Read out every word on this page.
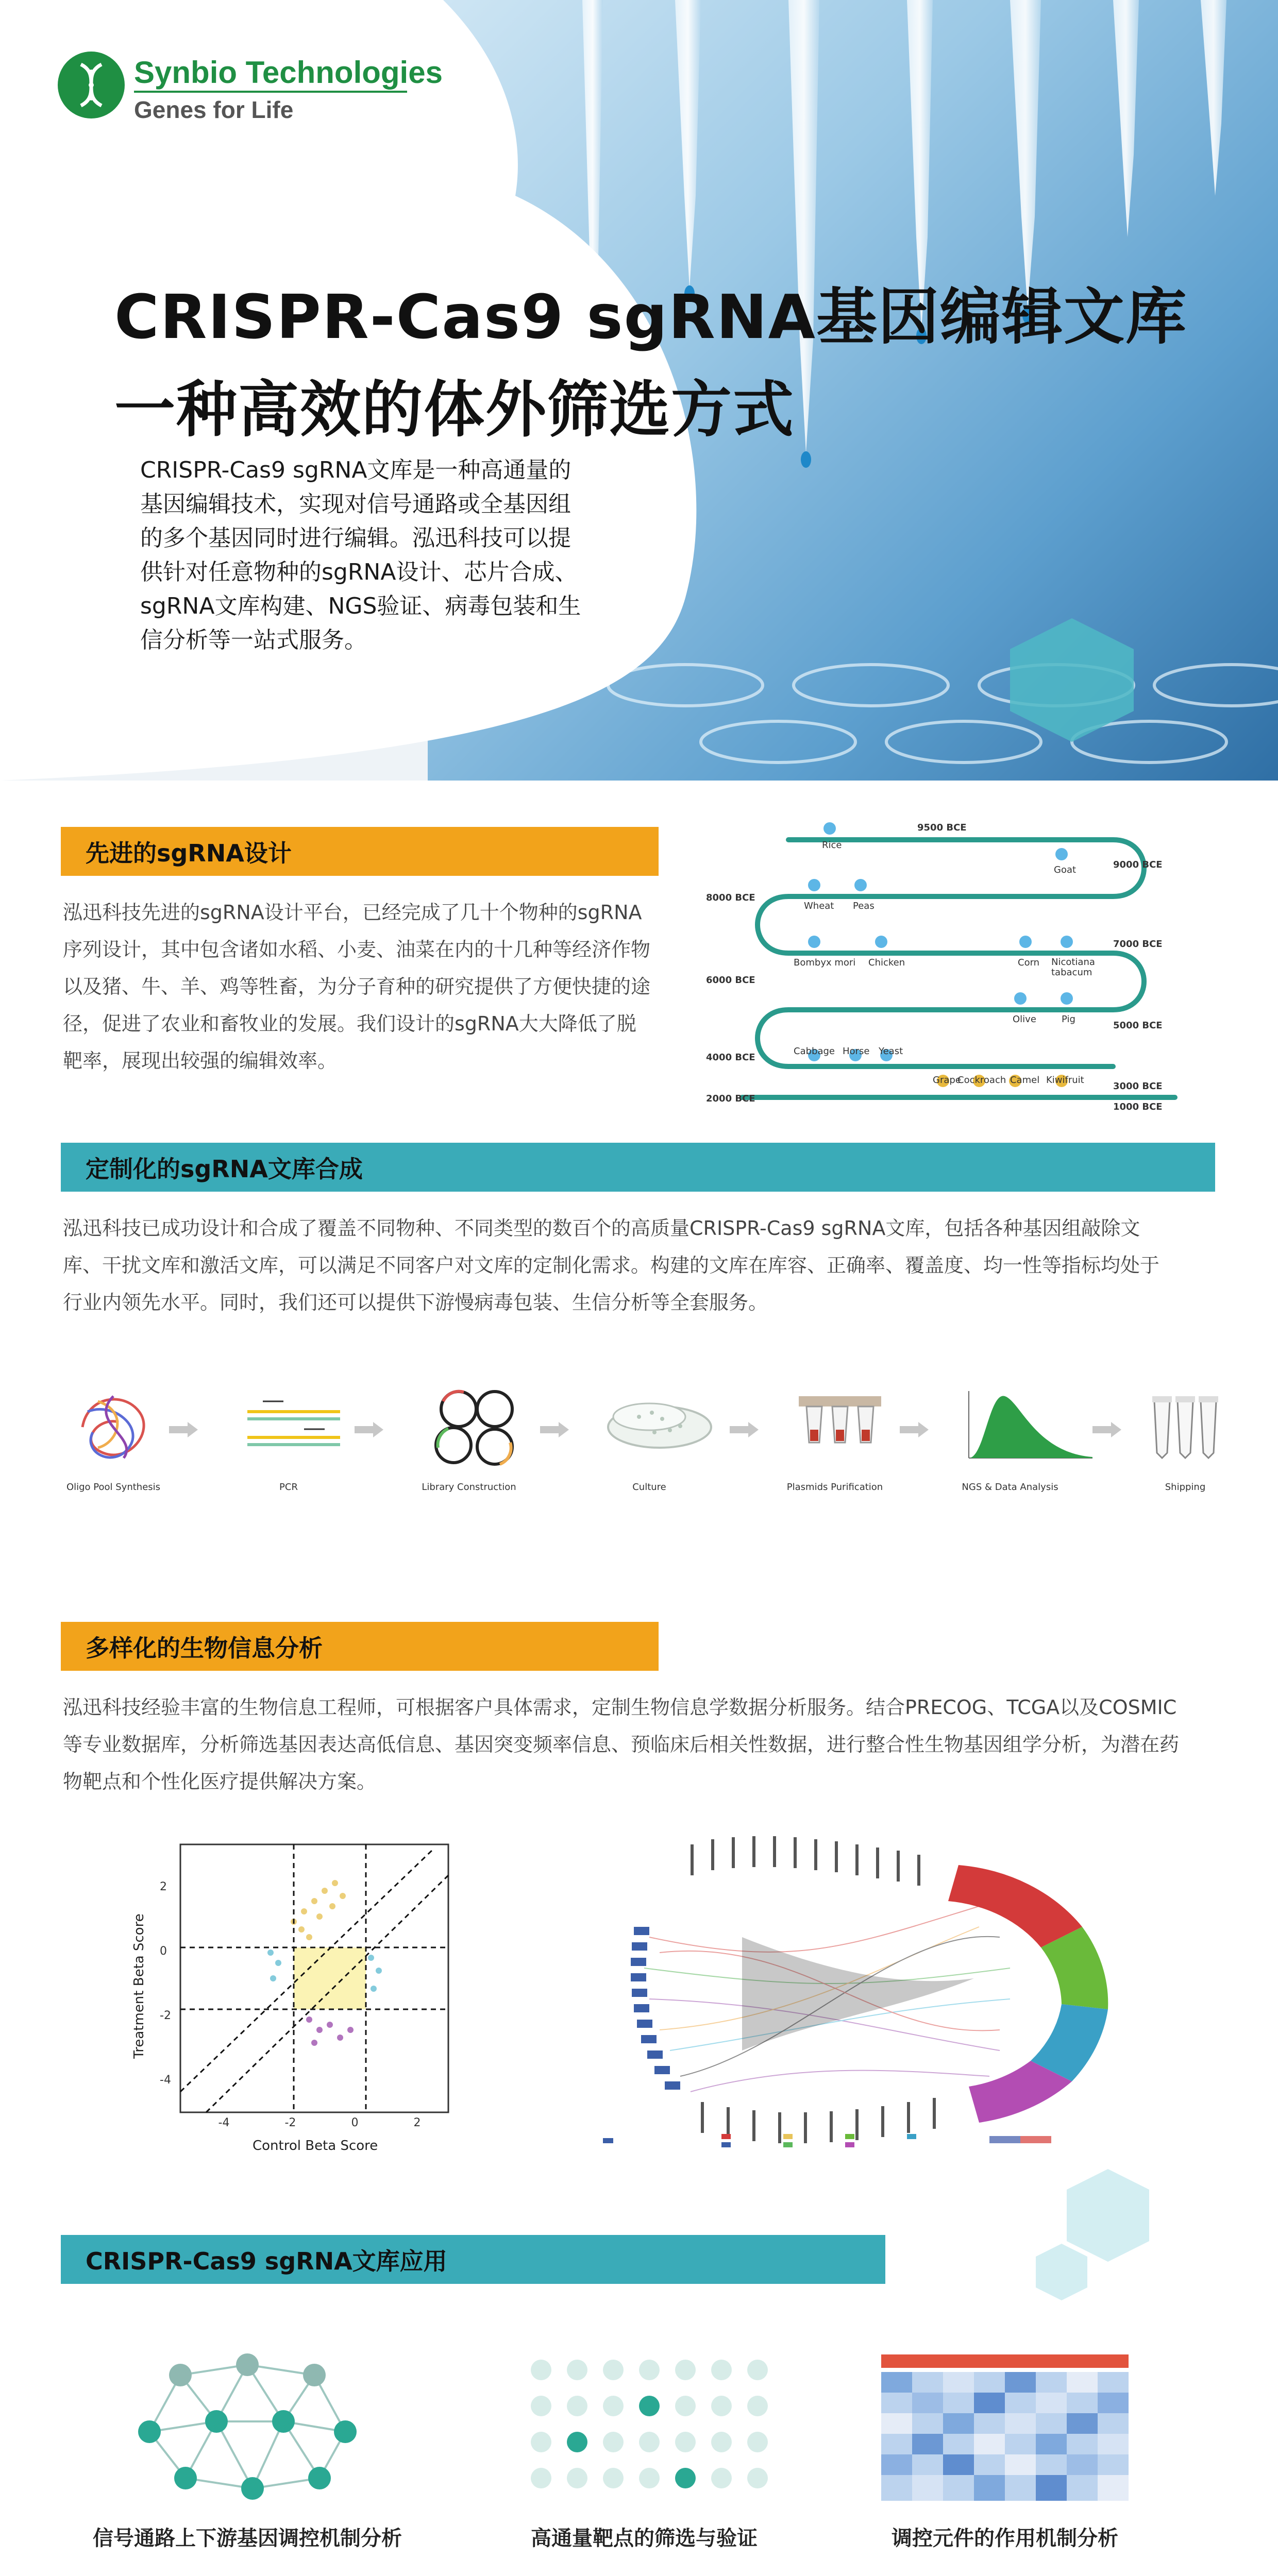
Synbio Technologies
Genes for Life
CRISPR-Cas9 sgRNA基因编辑文库
一种高效的体外筛选方式
CRISPR-Cas9 sgRNA文库是一种高通量的
基因编辑技术，实现对信号通路或全基因组
的多个基因同时进行编辑。泓迅科技可以提
供针对任意物种的sgRNA设计、芯片合成、
sgRNA文库构建、NGS验证、病毒包装和生
信分析等一站式服务。
先进的sgRNA设计
泓迅科技先进的sgRNA设计平台，已经完成了几十个物种的sgRNA
序列设计，其中包含诸如水稻、小麦、油菜在内的十几种等经济作物
以及猪、牛、羊、鸡等牲畜，为分子育种的研究提供了方便快捷的途
径，促进了农业和畜牧业的发展。我们设计的sgRNA大大降低了脱
靶率，展现出较强的编辑效率。
9500 BCE
9000 BCE
8000 BCE
7000 BCE
6000 BCE
5000 BCE
4000 BCE
3000 BCE
2000 BCE
1000 BCE
Rice
Goat
Wheat Peas
Bombyx mori Chicken	Corn Nicotiana tabacum
Olive	Pig
Cabbage Horse Yeast
Grape
Cockroach Camel Kiwifruit
定制化的sgRNA文库合成
泓迅科技已成功设计和合成了覆盖不同物种、不同类型的数百个的高质量CRISPR-Cas9 sgRNA文库，包括各种基因组敲除文
库、干扰文库和激活文库，可以满足不同客户对文库的定制化需求。构建的文库在库容、正确率、覆盖度、均一性等指标均处于
行业内领先水平。同时，我们还可以提供下游慢病毒包装、生信分析等全套服务。
Oligo Pool Synthesis	PCR	Library Construction	Culture	Plasmids Purification	NGS & Data Analysis	Shipping
多样化的生物信息分析
泓迅科技经验丰富的生物信息工程师，可根据客户具体需求，定制生物信息学数据分析服务。结合PRECOG、TCGA以及COSMIC
等专业数据库，分析筛选基因表达高低信息、基因突变频率信息、预临床后相关性数据，进行整合性生物基因组学分析，为潜在药
物靶点和个性化医疗提供解决方案。
-4	-2	0	2
-4
-2
0
2
Control Beta Score
Treatment Beta Score
CRISPR-Cas9 sgRNA文库应用
信号通路上下游基因调控机制分析	高通量靶点的筛选与验证	调控元件的作用机制分析
